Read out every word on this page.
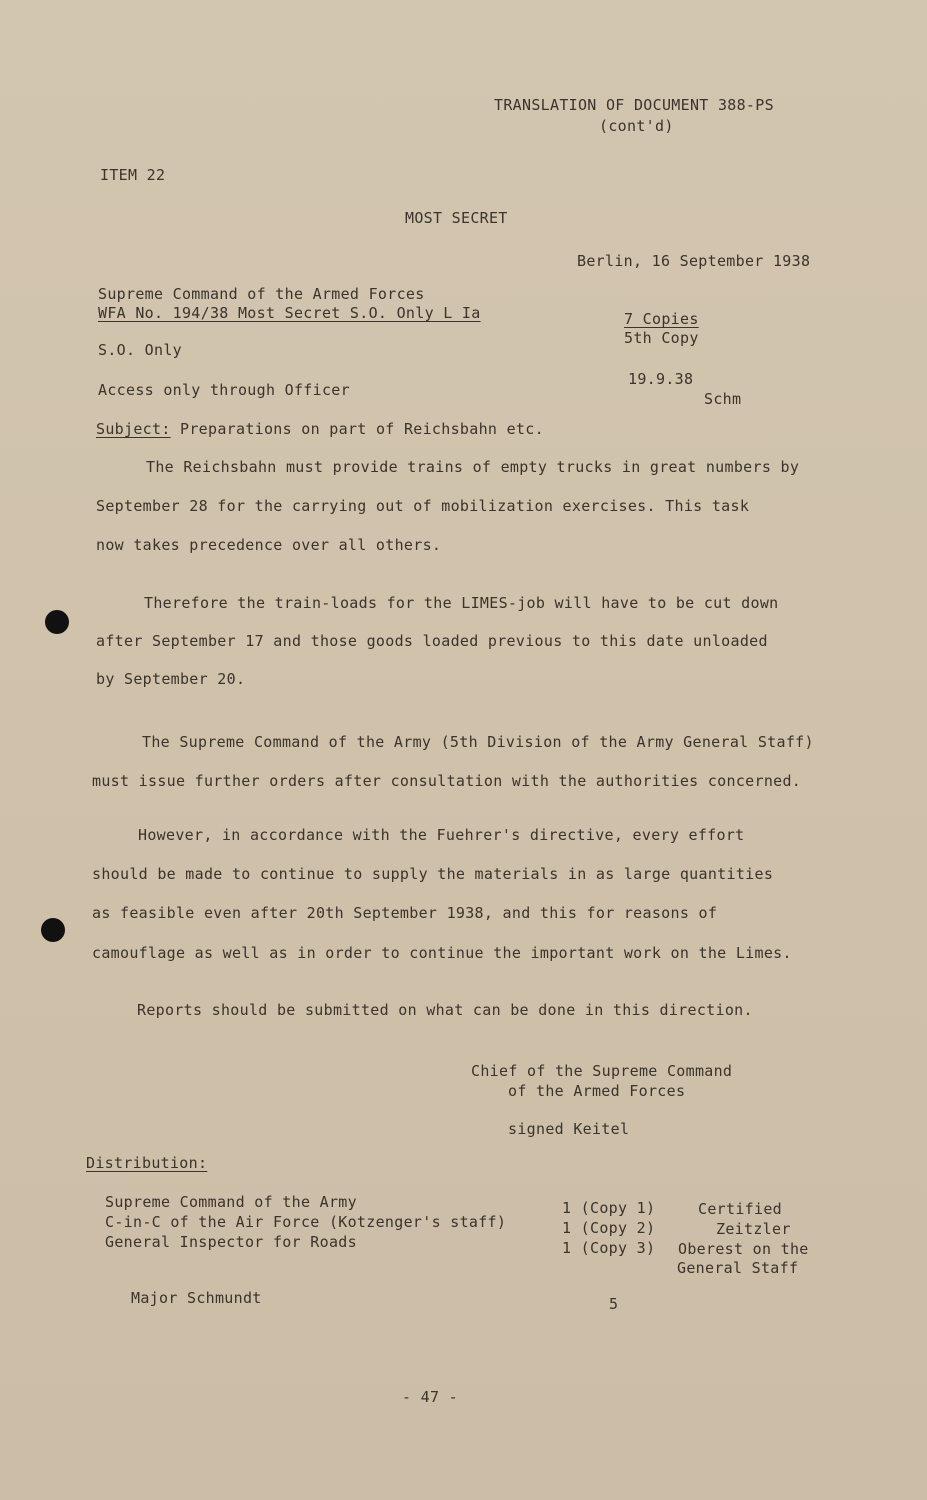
TRANSLATION OF DOCUMENT 388-PS
(cont'd)
ITEM 22
MOST SECRET
Berlin, 16 September 1938
Supreme Command of the Armed Forces
WFA No. 194/38 Most Secret S.O. Only L Ia	7 Copies
5th Copy
S.O. Only
19.9.38
Schm
Access only through Officer
Subject: Preparations on part of Reichsbahn etc.
The Reichsbahn must provide trains of empty trucks in great numbers by
September 28 for the carrying out of mobilization exercises. This task
now takes precedence over all others.
Therefore the train-loads for the LIMES-job will have to be cut down
after September 17 and those goods loaded previous to this date unloaded
by September 20.
The Supreme Command of the Army (5th Division of the Army General Staff)
must issue further orders after consultation with the authorities concerned.
However, in accordance with the Fuehrer's directive, every effort
should be made to continue to supply the materials in as large quantities
as feasible even after 20th September 1938, and this for reasons of
camouflage as well as in order to continue the important work on the Limes.
Reports should be submitted on what can be done in this direction.
Chief of the Supreme Command
of the Armed Forces
signed Keitel
Distribution:
Supreme Command of the Army
C-in-C of the Air Force (Kotzenger's staff)
General Inspector for Roads
1 (Copy 1)
1 (Copy 2)
1 (Copy 3)
Certified
Zeitzler
Oberest on the
General Staff
Major Schmundt	5
- 47 -
